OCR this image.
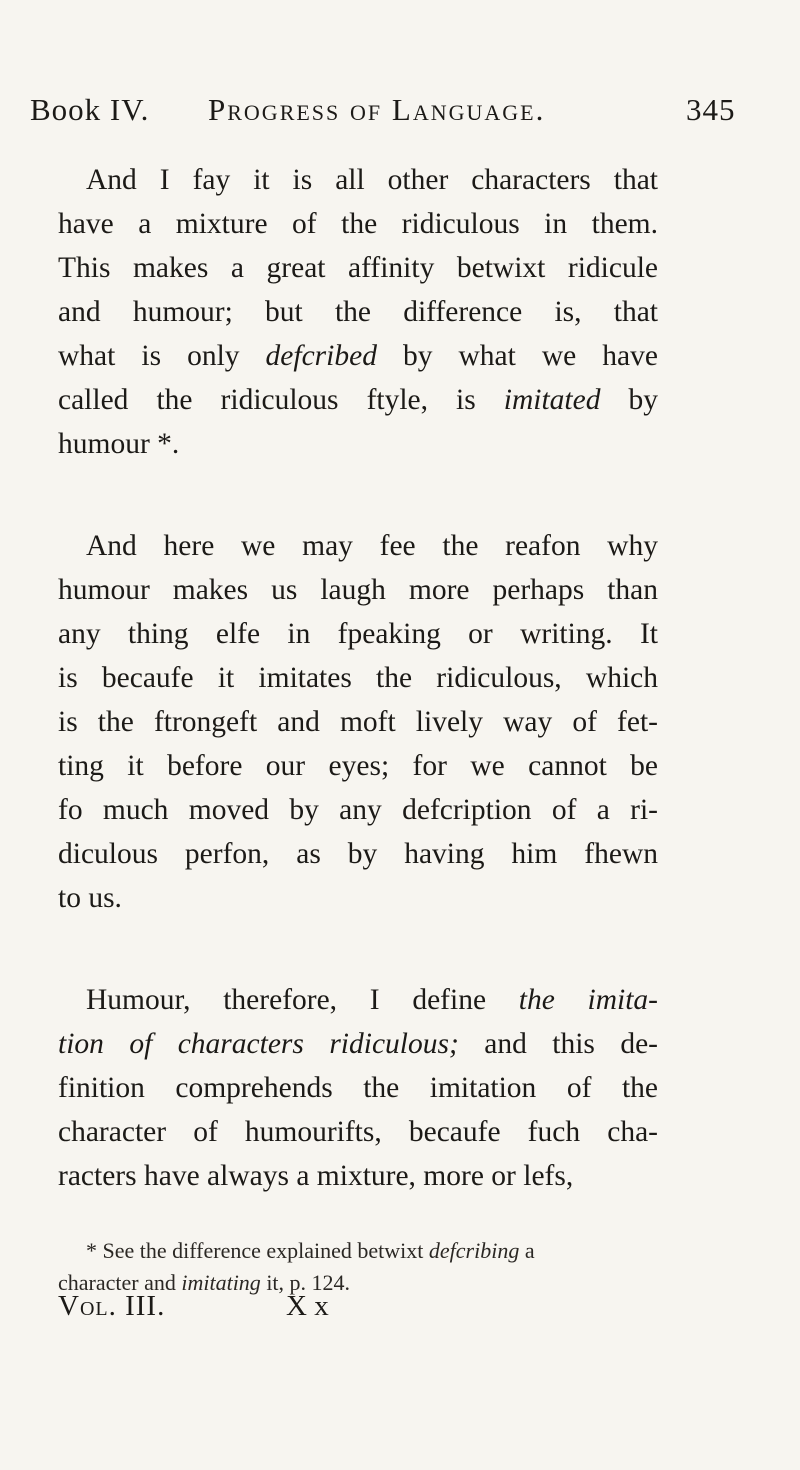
Book IV. Progress of Language.	345
And I fay it is all other characters that
have a mixture of the ridiculous in them.
This makes a great affinity betwixt ridicule
and humour; but the difference is, that
what is only defcribed by what we have
called the ridiculous ftyle, is imitated by
humour *.
And here we may fee the reafon why
humour makes us laugh more perhaps than
any thing elfe in fpeaking or writing. It
is becaufe it imitates the ridiculous, which
is the ftrongeft and moft lively way of fet-
ting it before our eyes; for we cannot be
fo much moved by any defcription of a ri-
diculous perfon, as by having him fhewn
to us.
Humour, therefore, I define the imita-
tion of characters ridiculous; and this de-
finition comprehends the imitation of the
character of humourifts, becaufe fuch cha-
racters have always a mixture, more or lefs,
* See the difference explained betwixt defcribing a
character and imitating it, p. 124.
Vol. III.	X x
